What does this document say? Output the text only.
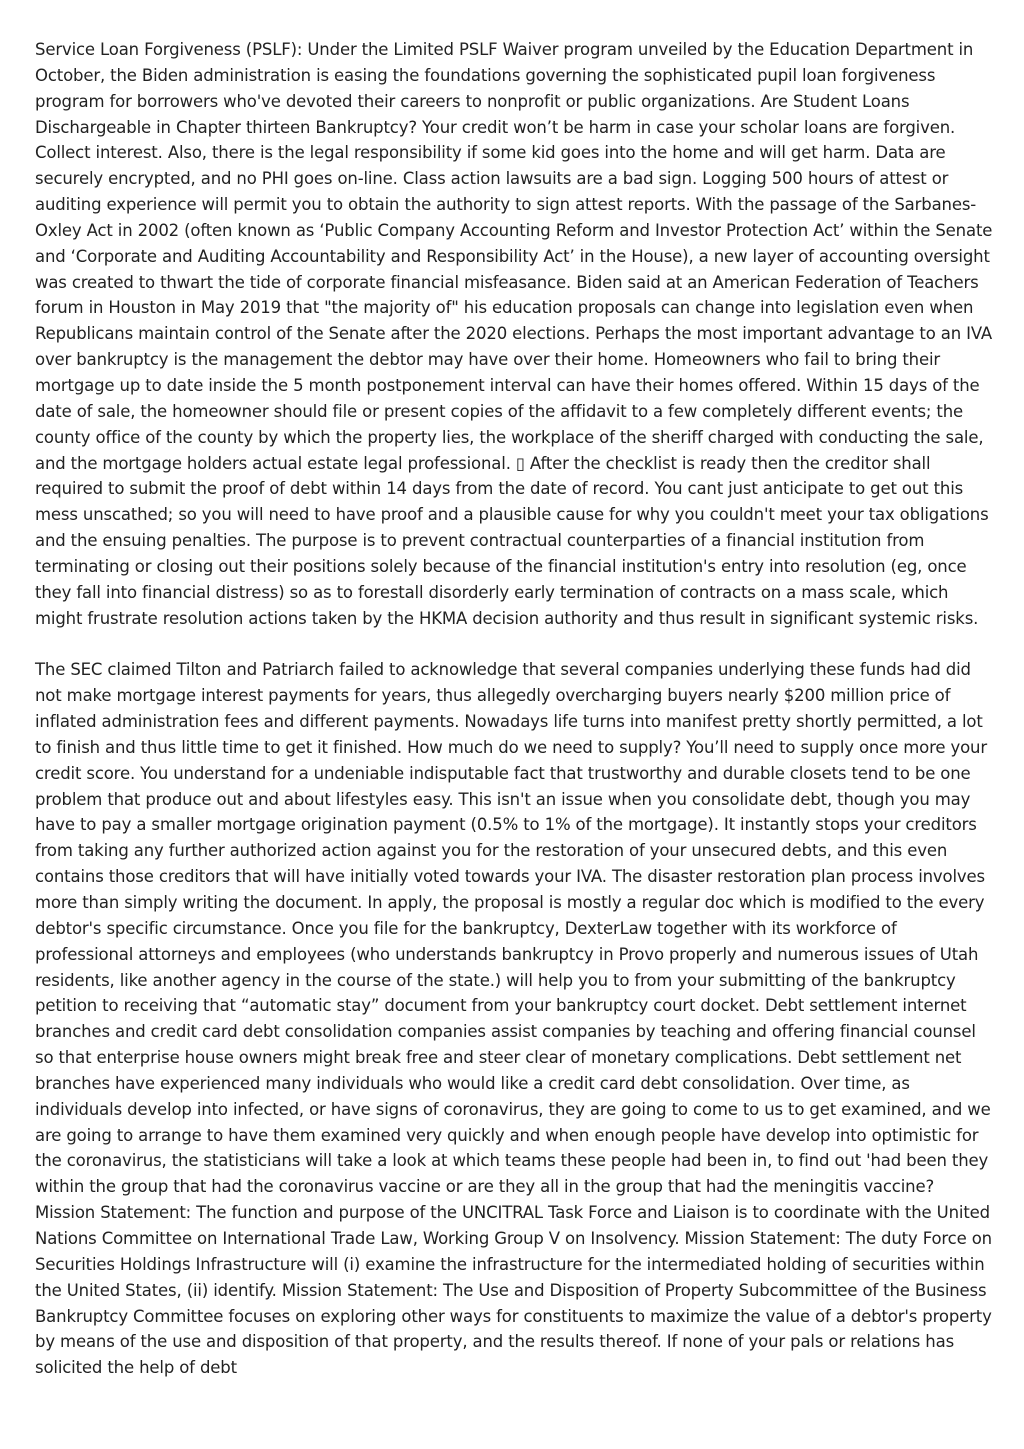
Service Loan Forgiveness (PSLF): Under the Limited PSLF Waiver program unveiled by the Education Department in October, the Biden administration is easing the foundations governing the sophisticated pupil loan forgiveness program for borrowers who've devoted their careers to nonprofit or public organizations. Are Student Loans Dischargeable in Chapter thirteen Bankruptcy? Your credit won’t be harm in case your scholar loans are forgiven. Collect interest. Also, there is the legal responsibility if some kid goes into the home and will get harm. Data are securely encrypted, and no PHI goes on-line. Class action lawsuits are a bad sign. Logging 500 hours of attest or auditing experience will permit you to obtain the authority to sign attest reports. With the passage of the Sarbanes-Oxley Act in 2002 (often known as ‘Public Company Accounting Reform and Investor Protection Act’ within the Senate and ‘Corporate and Auditing Accountability and Responsibility Act’ in the House), a new layer of accounting oversight was created to thwart the tide of corporate financial misfeasance. Biden said at an American Federation of Teachers forum in Houston in May 2019 that "the majority of" his education proposals can change into legislation even when Republicans maintain control of the Senate after the 2020 elections. Perhaps the most important advantage to an IVA over bankruptcy is the management the debtor may have over their home. Homeowners who fail to bring their mortgage up to date inside the 5 month postponement interval can have their homes offered. Within 15 days of the date of sale, the homeowner should file or present copies of the affidavit to a few completely different events; the county office of the county by which the property lies, the workplace of the sheriff charged with conducting the sale, and the mortgage holders actual estate legal professional. ▯ After the checklist is ready then the creditor shall required to submit the proof of debt within 14 days from the date of record. You cant just anticipate to get out this mess unscathed; so you will need to have proof and a plausible cause for why you couldn't meet your tax obligations and the ensuing penalties. The purpose is to prevent contractual counterparties of a financial institution from terminating or closing out their positions solely because of the financial institution's entry into resolution (eg, once they fall into financial distress) so as to forestall disorderly early termination of contracts on a mass scale, which might frustrate resolution actions taken by the HKMA decision authority and thus result in significant systemic risks.

The SEC claimed Tilton and Patriarch failed to acknowledge that several companies underlying these funds had did not make mortgage interest payments for years, thus allegedly overcharging buyers nearly $200 million price of inflated administration fees and different payments. Nowadays life turns into manifest pretty shortly permitted, a lot to finish and thus little time to get it finished. How much do we need to supply? You’ll need to supply once more your credit score. You understand for a undeniable indisputable fact that trustworthy and durable closets tend to be one problem that produce out and about lifestyles easy. This isn't an issue when you consolidate debt, though you may have to pay a smaller mortgage origination payment (0.5% to 1% of the mortgage). It instantly stops your creditors from taking any further authorized action against you for the restoration of your unsecured debts, and this even contains those creditors that will have initially voted towards your IVA. The disaster restoration plan process involves more than simply writing the document. In apply, the proposal is mostly a regular doc which is modified to the every debtor's specific circumstance. Once you file for the bankruptcy, DexterLaw together with its workforce of professional attorneys and employees (who understands bankruptcy in Provo properly and numerous issues of Utah residents, like another agency in the course of the state.) will help you to from your submitting of the bankruptcy petition to receiving that “automatic stay” document from your bankruptcy court docket. Debt settlement internet branches and credit card debt consolidation companies assist companies by teaching and offering financial counsel so that enterprise house owners might break free and steer clear of monetary complications. Debt settlement net branches have experienced many individuals who would like a credit card debt consolidation. Over time, as individuals develop into infected, or have signs of coronavirus, they are going to come to us to get examined, and we are going to arrange to have them examined very quickly and when enough people have develop into optimistic for the coronavirus, the statisticians will take a look at which teams these people had been in, to find out 'had been they within the group that had the coronavirus vaccine or are they all in the group that had the meningitis vaccine? Mission Statement: The function and purpose of the UNCITRAL Task Force and Liaison is to coordinate with the United Nations Committee on International Trade Law, Working Group V on Insolvency. Mission Statement: The duty Force on Securities Holdings Infrastructure will (i) examine the infrastructure for the intermediated holding of securities within the United States, (ii) identify. Mission Statement: The Use and Disposition of Property Subcommittee of the Business Bankruptcy Committee focuses on exploring other ways for constituents to maximize the value of a debtor's property by means of the use and disposition of that property, and the results thereof. If none of your pals or relations has solicited the help of debt
